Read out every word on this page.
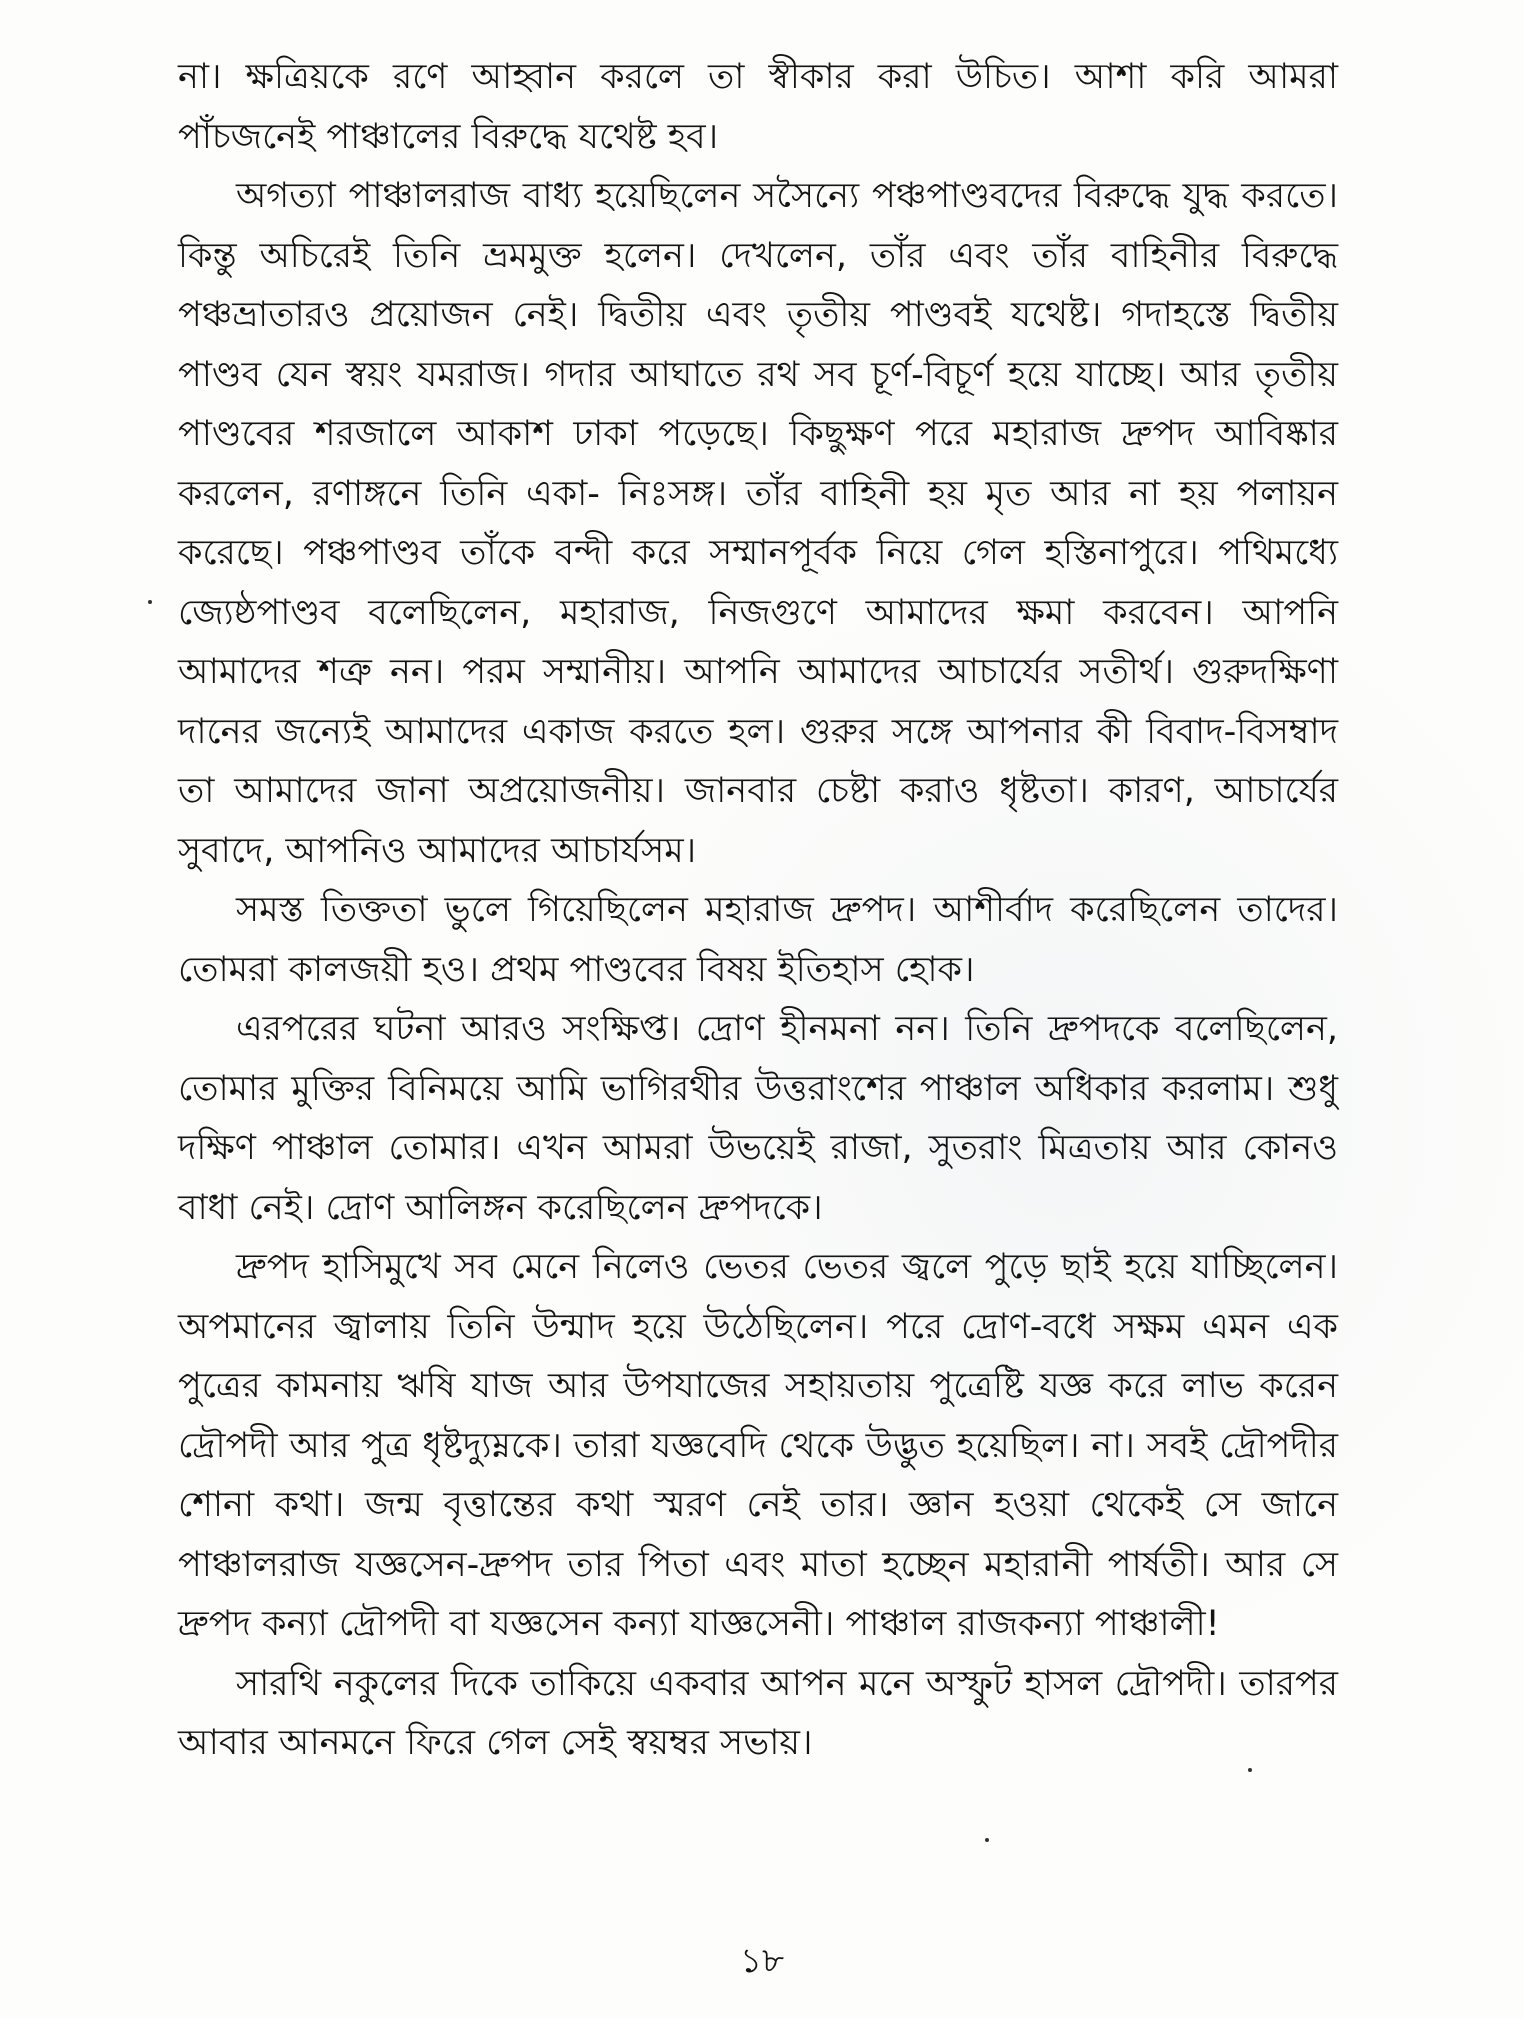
না। ক্ষত্রিয়কে রণে আহ্বান করলে তা স্বীকার করা উচিত। আশা করি আমরা পাঁচজনেই পাঞ্চালের বিরুদ্ধে যথেষ্ট হব।

অগত্যা পাঞ্চালরাজ বাধ্য হয়েছিলেন সসৈন্যে পঞ্চপাণ্ডবদের বিরুদ্ধে যুদ্ধ করতে। কিন্তু অচিরেই তিনি ভ্রমমুক্ত হলেন। দেখলেন, তাঁর এবং তাঁর বাহিনীর বিরুদ্ধে পঞ্চভ্রাতারও প্রয়োজন নেই। দ্বিতীয় এবং তৃতীয় পাণ্ডবই যথেষ্ট। গদাহস্তে দ্বিতীয় পাণ্ডব যেন স্বয়ং যমরাজ। গদার আঘাতে রথ সব চূর্ণ-বিচূর্ণ হয়ে যাচ্ছে। আর তৃতীয় পাণ্ডবের শরজালে আকাশ ঢাকা পড়েছে। কিছুক্ষণ পরে মহারাজ দ্রুপদ আবিষ্কার করলেন, রণাঙ্গনে তিনি একা- নিঃসঙ্গ। তাঁর বাহিনী হয় মৃত আর না হয় পলায়ন করেছে। পঞ্চপাণ্ডব তাঁকে বন্দী করে সম্মানপূর্বক নিয়ে গেল হস্তিনাপুরে। পথিমধ্যে জ্যেষ্ঠপাণ্ডব বলেছিলেন, মহারাজ, নিজগুণে আমাদের ক্ষমা করবেন। আপনি আমাদের শত্রু নন। পরম সম্মানীয়। আপনি আমাদের আচার্যের সতীর্থ। গুরুদক্ষিণা দানের জন্যেই আমাদের একাজ করতে হল। গুরুর সঙ্গে আপনার কী বিবাদ-বিসম্বাদ তা আমাদের জানা অপ্রয়োজনীয়। জানবার চেষ্টা করাও ধৃষ্টতা। কারণ, আচার্যের সুবাদে, আপনিও আমাদের আচার্যসম।

সমস্ত তিক্ততা ভুলে গিয়েছিলেন মহারাজ দ্রুপদ। আশীর্বাদ করেছিলেন তাদের। তোমরা কালজয়ী হও। প্রথম পাণ্ডবের বিষয় ইতিহাস হোক।

এরপরের ঘটনা আরও সংক্ষিপ্ত। দ্রোণ হীনমনা নন। তিনি দ্রুপদকে বলেছিলেন, তোমার মুক্তির বিনিময়ে আমি ভাগিরথীর উত্তরাংশের পাঞ্চাল অধিকার করলাম। শুধু দক্ষিণ পাঞ্চাল তোমার। এখন আমরা উভয়েই রাজা, সুতরাং মিত্রতায় আর কোনও বাধা নেই। দ্রোণ আলিঙ্গন করেছিলেন দ্রুপদকে।

দ্রুপদ হাসিমুখে সব মেনে নিলেও ভেতর ভেতর জ্বলে পুড়ে ছাই হয়ে যাচ্ছিলেন। অপমানের জ্বালায় তিনি উন্মাদ হয়ে উঠেছিলেন। পরে দ্রোণ-বধে সক্ষম এমন এক পুত্রের কামনায় ঋষি যাজ আর উপযাজের সহায়তায় পুত্রেষ্টি যজ্ঞ করে লাভ করেন দ্রৌপদী আর পুত্র ধৃষ্টদ্যুম্নকে। তারা যজ্ঞবেদি থেকে উদ্ভুত হয়েছিল। না। সবই দ্রৌপদীর শোনা কথা। জন্ম বৃত্তান্তের কথা স্মরণ নেই তার। জ্ঞান হওয়া থেকেই সে জানে পাঞ্চালরাজ যজ্ঞসেন-দ্রুপদ তার পিতা এবং মাতা হচ্ছেন মহারানী পার্ষতী। আর সে দ্রুপদ কন্যা দ্রৌপদী বা যজ্ঞসেন কন্যা যাজ্ঞসেনী। পাঞ্চাল রাজকন্যা পাঞ্চালী!

সারথি নকুলের দিকে তাকিয়ে একবার আপন মনে অস্ফুট হাসল দ্রৌপদী। তারপর আবার আনমনে ফিরে গেল সেই স্বয়ম্বর সভায়।

১৮
